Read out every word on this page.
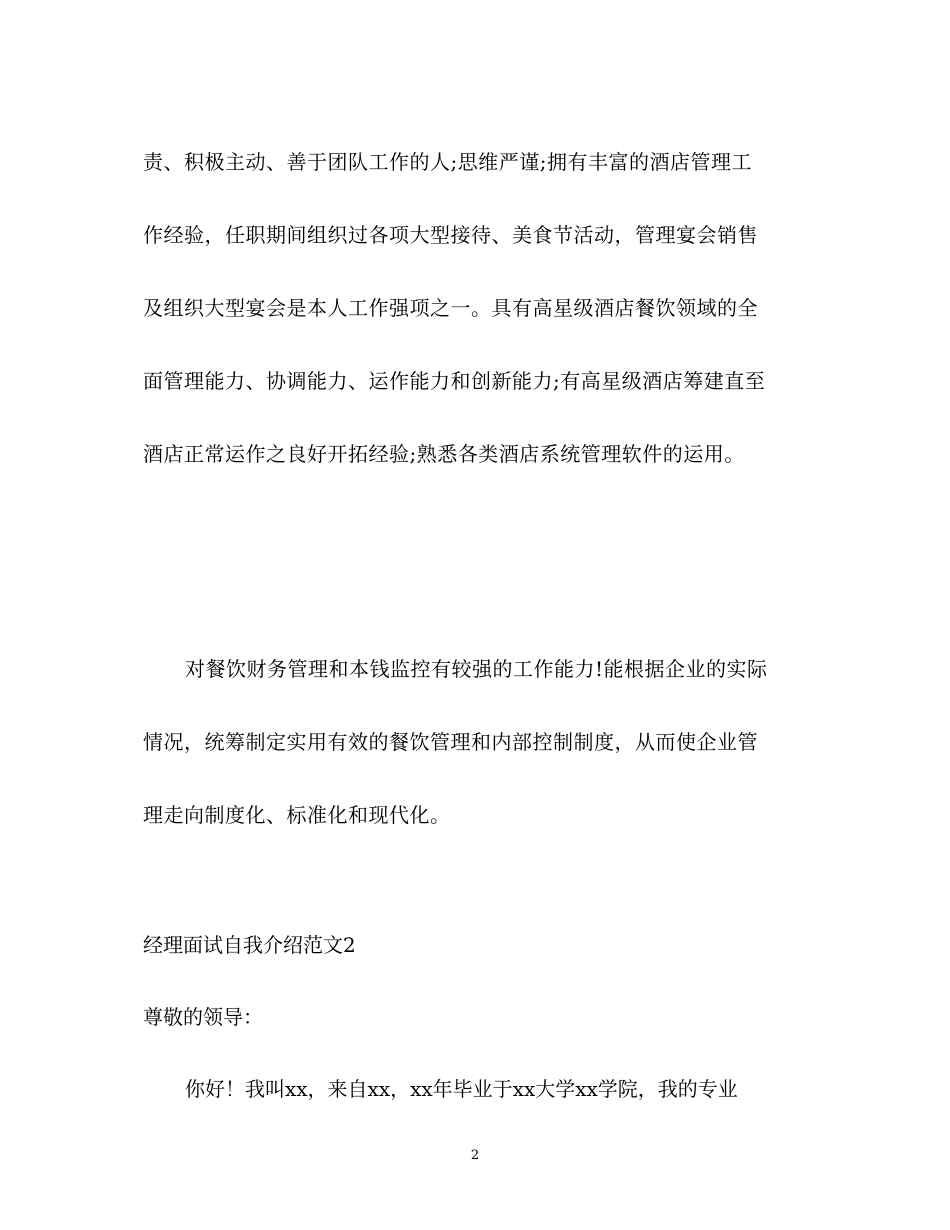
责、积极主动、善于团队工作的人;思维严谨;拥有丰富的酒店管理工
作经验，任职期间组织过各项大型接待、美食节活动，管理宴会销售
及组织大型宴会是本人工作强项之一。具有高星级酒店餐饮领域的全
面管理能力、协调能力、运作能力和创新能力;有高星级酒店筹建直至
酒店正常运作之良好开拓经验;熟悉各类酒店系统管理软件的运用。
对餐饮财务管理和本钱监控有较强的工作能力!能根据企业的实际
情况，统筹制定实用有效的餐饮管理和内部控制制度，从而使企业管
理走向制度化、标准化和现代化。
经理面试自我介绍范文2
尊敬的领导：
你好！我叫xx，来自xx，xx年毕业于xx大学xx学院，我的专业
2
